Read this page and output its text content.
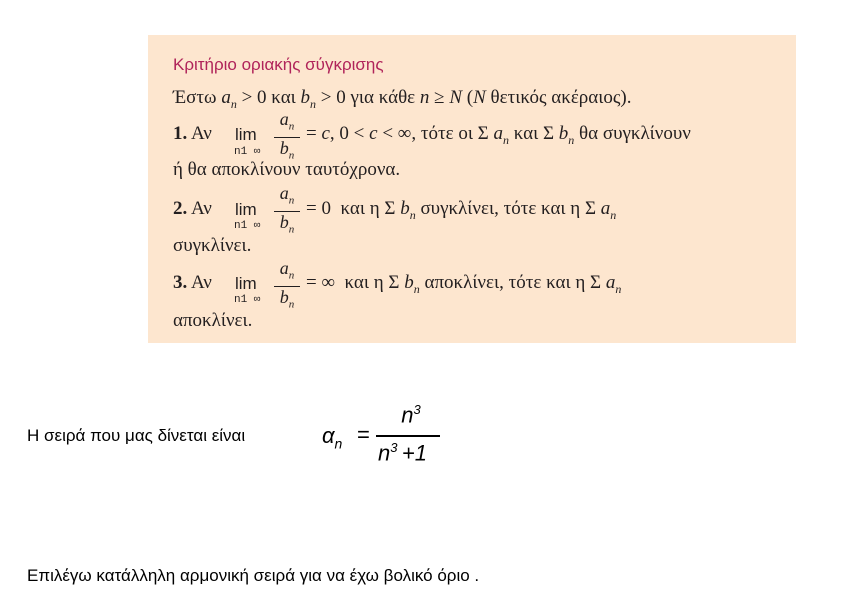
Κριτήριο οριακής σύγκρισης
Έστω $a_n > 0$ και $b_n > 0$ για κάθε n ≥ N (N θετικός ακέραιος).
1. Αν lim
n1 ∞
$a_n$
$b_n$
= c, 0 < c < ∞, τότε οι Σ $a_n$ και Σ $b_n$ θα συγκλίνουν
ή θα αποκλίνουν ταυτόχρονα.
2. Αν lim
n1 ∞
$a_n$
$b_n$
= 0  και η Σ $b_n$ συγκλίνει, τότε και η Σ $a_n$
συγκλίνει.
3. Αν lim
n1 ∞
$a_n$
$b_n$
= ∞  και η Σ $b_n$ αποκλίνει, τότε και η Σ $a_n$
αποκλίνει.
Η σειρά που μας δίνεται είναι	$\alpha_n$ =
$n^3$
$n^3 +1$
Επιλέγω κατάλληλη αρμονική σειρά για να έχω βολικό όριο .
